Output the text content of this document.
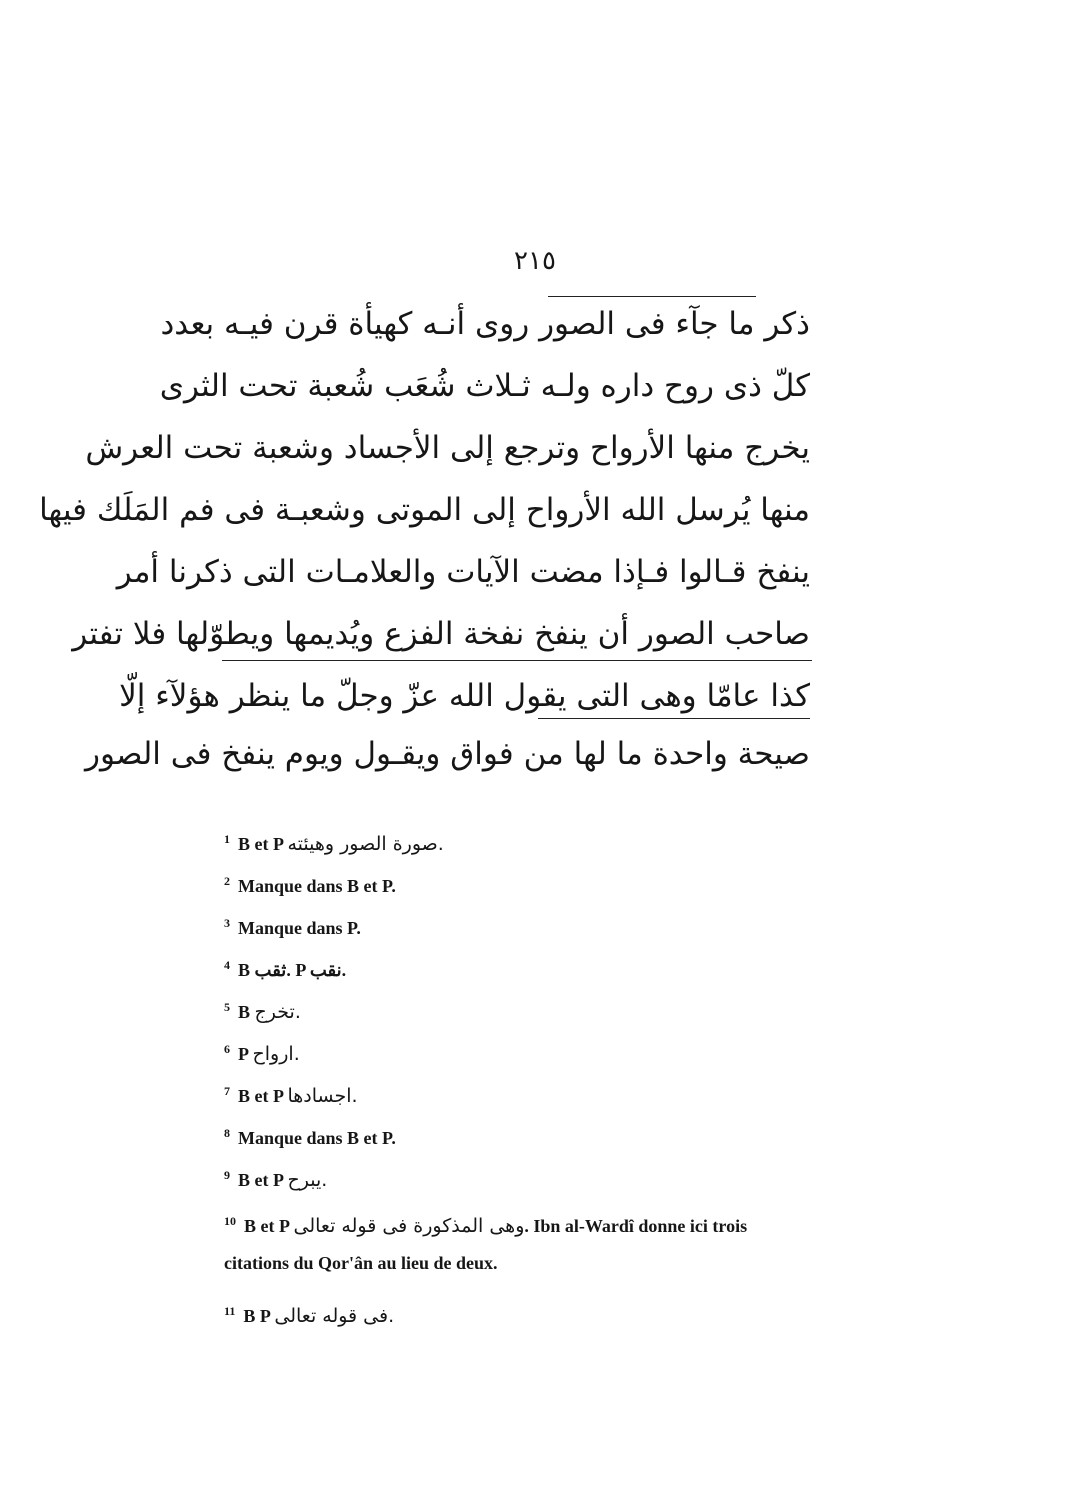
٢١٥
ذكر ما جآء فى الصور روى أنـه كهيأة قرن فيـه بعدد
كلّ ذى روح داره ولـه ثـلاث شُعَب شُعبة تحت الثرى
يخرج منها الأرواح وترجع إلى الأجساد وشعبة تحت العرش
منها يُرسل الله الأرواح إلى الموتى وشعبـة فى فم المَلَك فيها
ينفخ قـالوا فـإذا مضت الآيات والعلامـات التى ذكرنا أمر
صاحب الصور أن ينفخ نفخة الفزع ويُديمها ويطوّلها فلا تفتر
كذا عامّا وهى التى يقول الله عزّ وجلّ ما ينظر هؤلآء إلّا
صيحة واحدة ما لها من فواق ويقـول ويوم ينفخ فى الصور
$^1$ B et P .صورة الصور وهيئته
$^2$ Manque dans B et P.
$^3$ Manque dans P.
$^4$ B ثقب. P نقب.
$^5$ B .تخرج
$^6$ P .ارواح
$^7$ B et P .اجسادها
$^8$ Manque dans B et P.
$^9$ B et P .يبرح
$^{10}$ B et P وهى المذكورة فى قوله تعالى. Ibn al-Wardî donne ici trois
citations du Qor'ân au lieu de deux.
$^{11}$ B P .فى قوله تعالى
